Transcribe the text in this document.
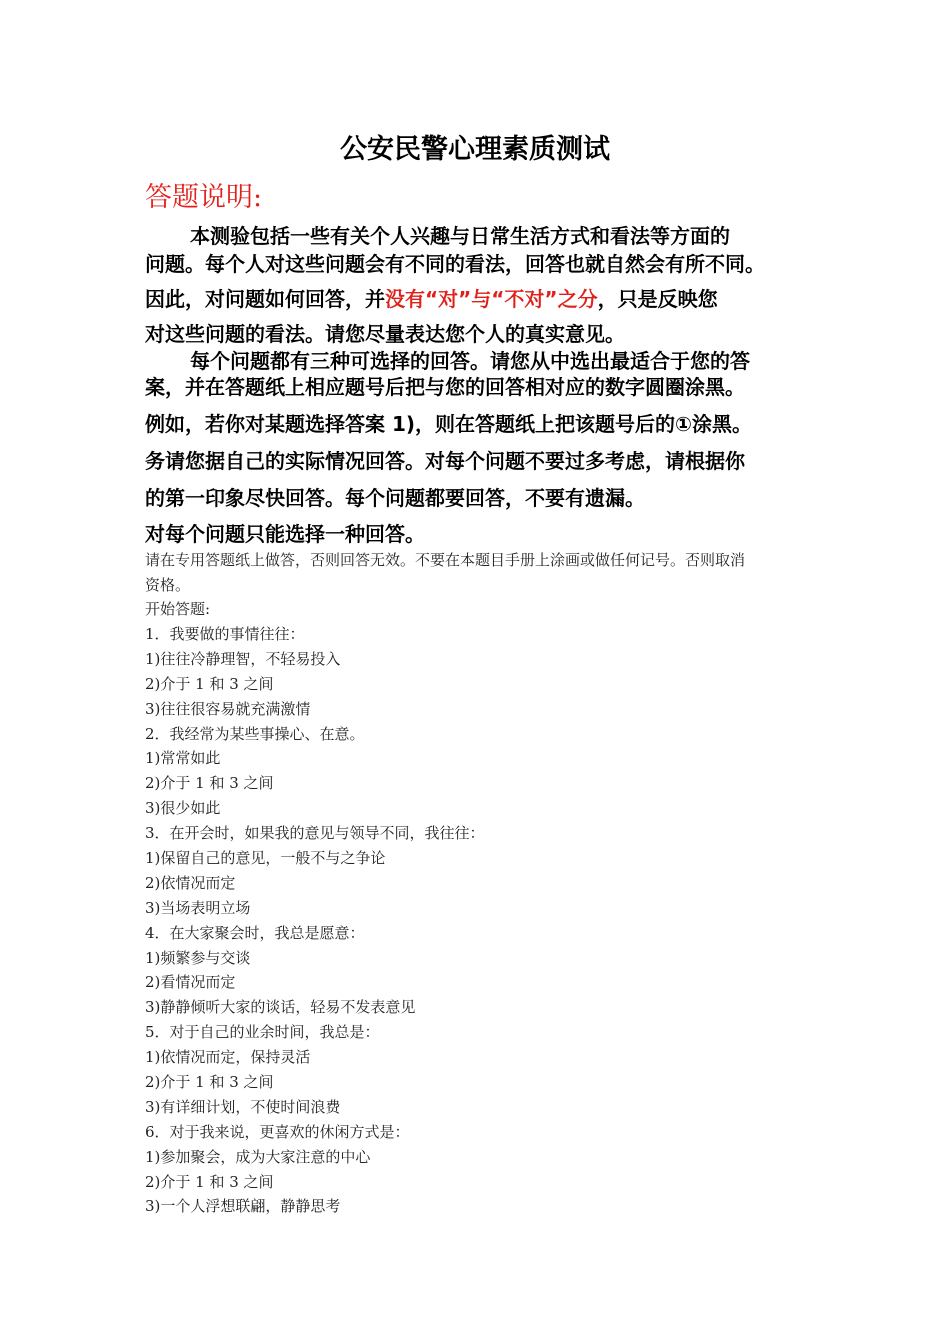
公安民警心理素质测试
答题说明:

本测验包括一些有关个人兴趣与日常生活方式和看法等方面的

问题。每个人对这些问题会有不同的看法，回答也就自然会有所不同。

因此，对问题如何回答，并没有“对”与“不对”之分，只是反映您

对这些问题的看法。请您尽量表达您个人的真实意见。

每个问题都有三种可选择的回答。请您从中选出最适合于您的答

案，并在答题纸上相应题号后把与您的回答相对应的数字圆圈涂黑。

例如，若你对某题选择答案 1)，则在答题纸上把该题号后的①涂黑。

务请您据自己的实际情况回答。对每个问题不要过多考虑，请根据你

的第一印象尽快回答。每个问题都要回答，不要有遗漏。

对每个问题只能选择一种回答。

请在专用答题纸上做答，否则回答无效。不要在本题目手册上涂画或做任何记号。否则取消

资格。

开始答题:

1．我要做的事情往往：
1)往往冷静理智，不轻易投入
2)介于 1 和 3 之间
3)往往很容易就充满激情
2．我经常为某些事操心、在意。
1)常常如此
2)介于 1 和 3 之间
3)很少如此
3．在开会时，如果我的意见与领导不同，我往往：
1)保留自己的意见，一般不与之争论
2)依情况而定
3)当场表明立场
4．在大家聚会时，我总是愿意：
1)频繁参与交谈
2)看情况而定
3)静静倾听大家的谈话，轻易不发表意见
5．对于自己的业余时间，我总是：
1)依情况而定，保持灵活
2)介于 1 和 3 之间
3)有详细计划，不使时间浪费
6．对于我来说，更喜欢的休闲方式是：
1)参加聚会，成为大家注意的中心
2)介于 1 和 3 之间
3)一个人浮想联翩，静静思考
